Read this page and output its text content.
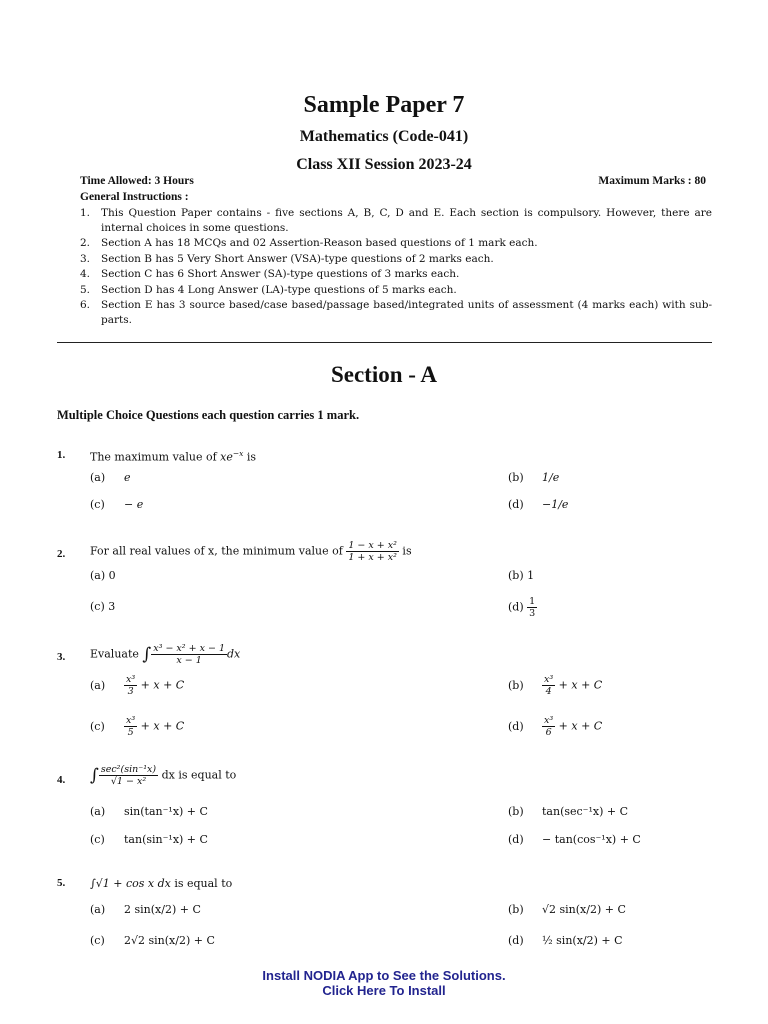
Sample Paper 7
Mathematics (Code-041)
Class XII Session 2023-24
Time Allowed: 3 Hours	Maximum Marks : 80
General Instructions :
1. This Question Paper contains - five sections A, B, C, D and E. Each section is compulsory. However, there are internal choices in some questions.
2. Section A has 18 MCQs and 02 Assertion-Reason based questions of 1 mark each.
3. Section B has 5 Very Short Answer (VSA)-type questions of 2 marks each.
4. Section C has 6 Short Answer (SA)-type questions of 3 marks each.
5. Section D has 4 Long Answer (LA)-type questions of 5 marks each.
6. Section E has 3 source based/case based/passage based/integrated units of assessment (4 marks each) with sub-parts.
Section - A
Multiple Choice Questions each question carries 1 mark.
1. The maximum value of $xe^{-x}$ is
(a) e	(b) 1/e
(c) − e	(d) −1/e
2. For all real values of x, the minimum value of $\frac{\text{1 − x + x²}}{\text{1 + x + x²}}$ is
(a) 0	(b) 1
(c) 3	$(d) \frac{1}{3}$
3. Evaluate ∫ $\frac{\text{x³ − x² + x − 1}}{x - 1}$ dx
$(a) \frac{\text{x³}}{3} + x + C$	$(b) \frac{\text{x³}}{4} + x + C$
$(c) \frac{\text{x³}}{5} + x + C$	$(d) \frac{\text{x³}}{6} + x + C$
4. ∫ $\frac{\text{sec²(sin⁻¹x)}}{\text{√1 − x²}}$ dx is equal to
(a) sin(tan⁻¹x) + C	(b) tan(sec⁻¹x) + C
(c) tan(sin⁻¹x) + C	(d) − tan(cos⁻¹x) + C
5. ∫√1 + cos x dx is equal to
(a) 2 sin(x/2) + C	(b) √2 sin(x/2) + C
(c) 2√2 sin(x/2) + C	(d) ½ sin(x/2) + C
Install NODIA App to See the Solutions.
Click Here To Install
